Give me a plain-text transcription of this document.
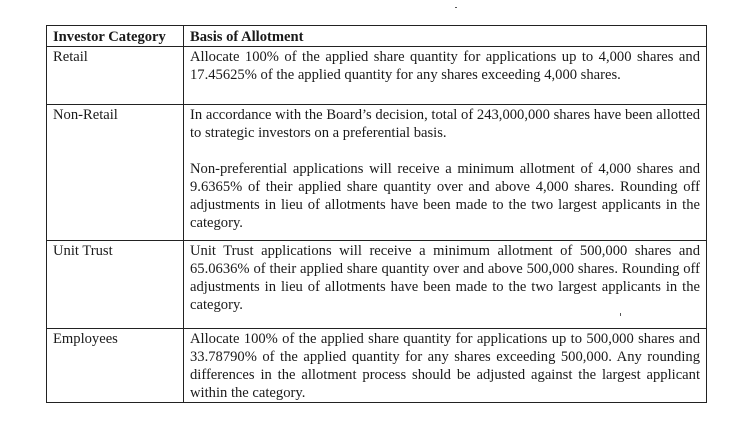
Investor Category	Basis of Allotment
Retail	Allocate 100% of the applied share quantity for applications up to 4,000 shares and 17.45625% of the applied quantity for any shares exceeding 4,000 shares.

Non-Retail	In accordance with the Board’s decision, total of 243,000,000 shares have been allotted to strategic investors on a preferential basis.

Non-preferential applications will receive a minimum allotment of 4,000 shares and 9.6365% of their applied share quantity over and above 4,000 shares. Rounding off adjustments in lieu of allotments have been made to the two largest applicants in the category.

Unit Trust	Unit Trust applications will receive a minimum allotment of 500,000 shares and 65.0636% of their applied share quantity over and above 500,000 shares. Rounding off adjustments in lieu of allotments have been made to the two largest applicants in the category.

Employees	Allocate 100% of the applied share quantity for applications up to 500,000 shares and 33.78790% of the applied quantity for any shares exceeding 500,000. Any rounding differences in the allotment process should be adjusted against the largest applicant within the category.
